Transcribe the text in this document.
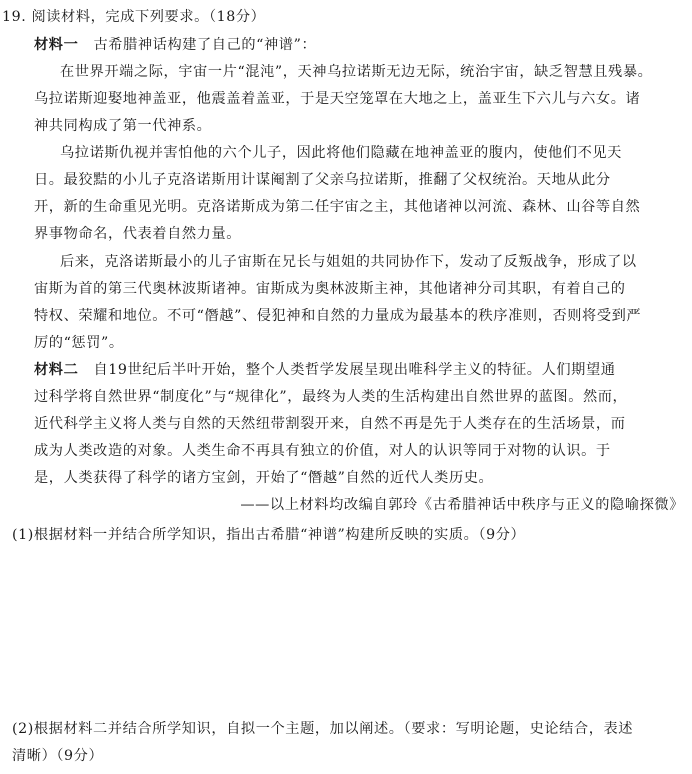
19. 阅读材料，完成下列要求。（18分）
材料一 古希腊神话构建了自己的“神谱”：
在世界开端之际，宇宙一片“混沌”，天神乌拉诺斯无边无际，统治宇宙，缺乏智慧且残暴。
乌拉诺斯迎娶地神盖亚，他震盖着盖亚，于是天空笼罩在大地之上，盖亚生下六儿与六女。诸
神共同构成了第一代神系。
乌拉诺斯仇视并害怕他的六个儿子，因此将他们隐藏在地神盖亚的腹内，使他们不见天
日。最狡黠的小儿子克洛诺斯用计谋阉割了父亲乌拉诺斯，推翻了父权统治。天地从此分
开，新的生命重见光明。克洛诺斯成为第二任宇宙之主，其他诸神以河流、森林、山谷等自然
界事物命名，代表着自然力量。
后来，克洛诺斯最小的儿子宙斯在兄长与姐姐的共同协作下，发动了反叛战争，形成了以
宙斯为首的第三代奥林波斯诸神。宙斯成为奥林波斯主神，其他诸神分司其职，有着自己的
特权、荣耀和地位。不可“僭越”、侵犯神和自然的力量成为最基本的秩序准则，否则将受到严
厉的“惩罚”。
材料二 自19世纪后半叶开始，整个人类哲学发展呈现出唯科学主义的特征。人们期望通
过科学将自然世界“制度化”与“规律化”，最终为人类的生活构建出自然世界的蓝图。然而，
近代科学主义将人类与自然的天然纽带割裂开来，自然不再是先于人类存在的生活场景，而
成为人类改造的对象。人类生命不再具有独立的价值，对人的认识等同于对物的认识。于
是，人类获得了科学的诸方宝剑，开始了“僭越”自然的近代人类历史。
——以上材料均改编自郭玲《古希腊神话中秩序与正义的隐喻探微》
(1)根据材料一并结合所学知识，指出古希腊“神谱”构建所反映的实质。（9分）
(2)根据材料二并结合所学知识，自拟一个主题，加以阐述。（要求：写明论题，史论结合，表述
清晰）（9分）
